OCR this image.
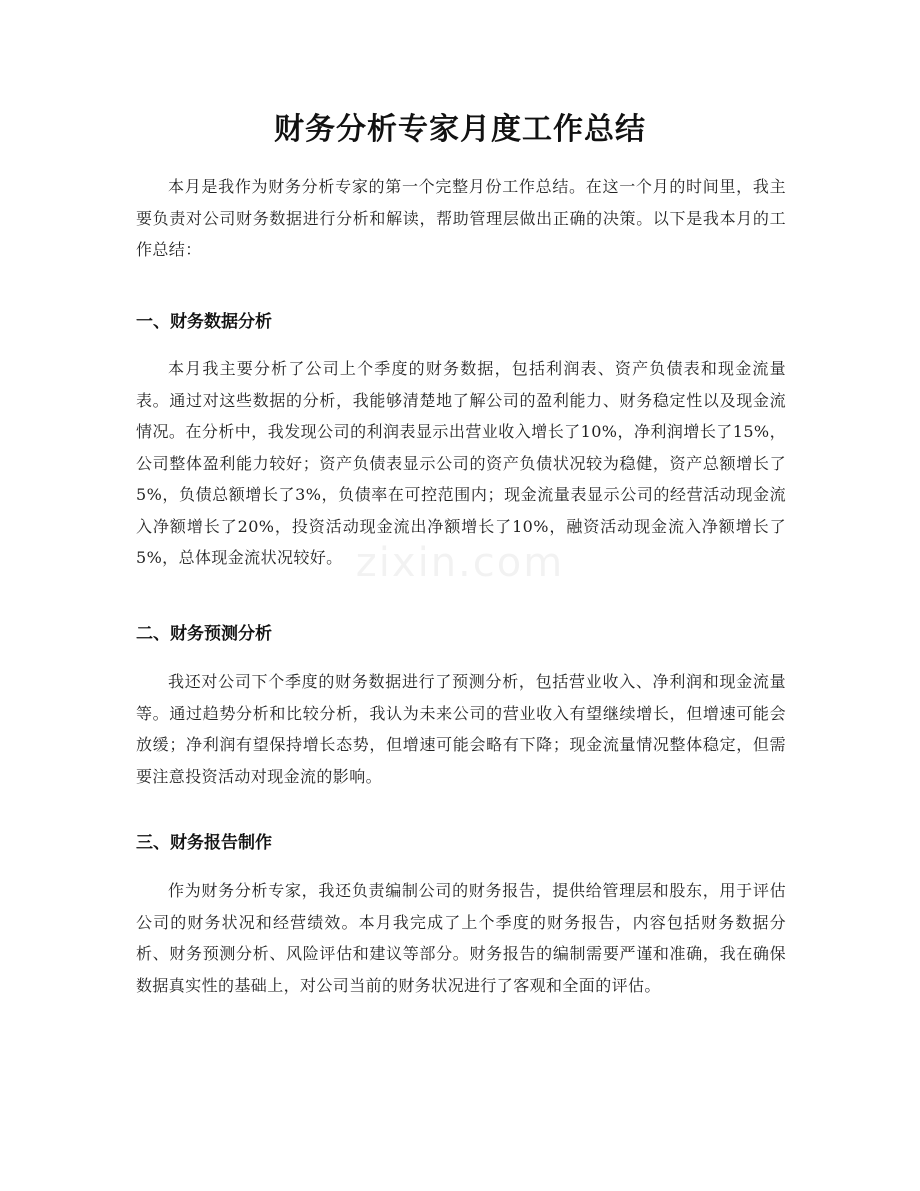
财务分析专家月度工作总结

本月是我作为财务分析专家的第一个完整月份工作总结。在这一个月的时间里，我主要负责对公司财务数据进行分析和解读，帮助管理层做出正确的决策。以下是我本月的工作总结：

一、财务数据分析

本月我主要分析了公司上个季度的财务数据，包括利润表、资产负债表和现金流量表。通过对这些数据的分析，我能够清楚地了解公司的盈利能力、财务稳定性以及现金流情况。在分析中，我发现公司的利润表显示出营业收入增长了10%，净利润增长了15%，公司整体盈利能力较好；资产负债表显示公司的资产负债状况较为稳健，资产总额增长了5%，负债总额增长了3%，负债率在可控范围内；现金流量表显示公司的经营活动现金流入净额增长了20%，投资活动现金流出净额增长了10%，融资活动现金流入净额增长了5%，总体现金流状况较好。

二、财务预测分析

我还对公司下个季度的财务数据进行了预测分析，包括营业收入、净利润和现金流量等。通过趋势分析和比较分析，我认为未来公司的营业收入有望继续增长，但增速可能会放缓；净利润有望保持增长态势，但增速可能会略有下降；现金流量情况整体稳定，但需要注意投资活动对现金流的影响。

三、财务报告制作

作为财务分析专家，我还负责编制公司的财务报告，提供给管理层和股东，用于评估公司的财务状况和经营绩效。本月我完成了上个季度的财务报告，内容包括财务数据分析、财务预测分析、风险评估和建议等部分。财务报告的编制需要严谨和准确，我在确保数据真实性的基础上，对公司当前的财务状况进行了客观和全面的评估。

zixin.com
